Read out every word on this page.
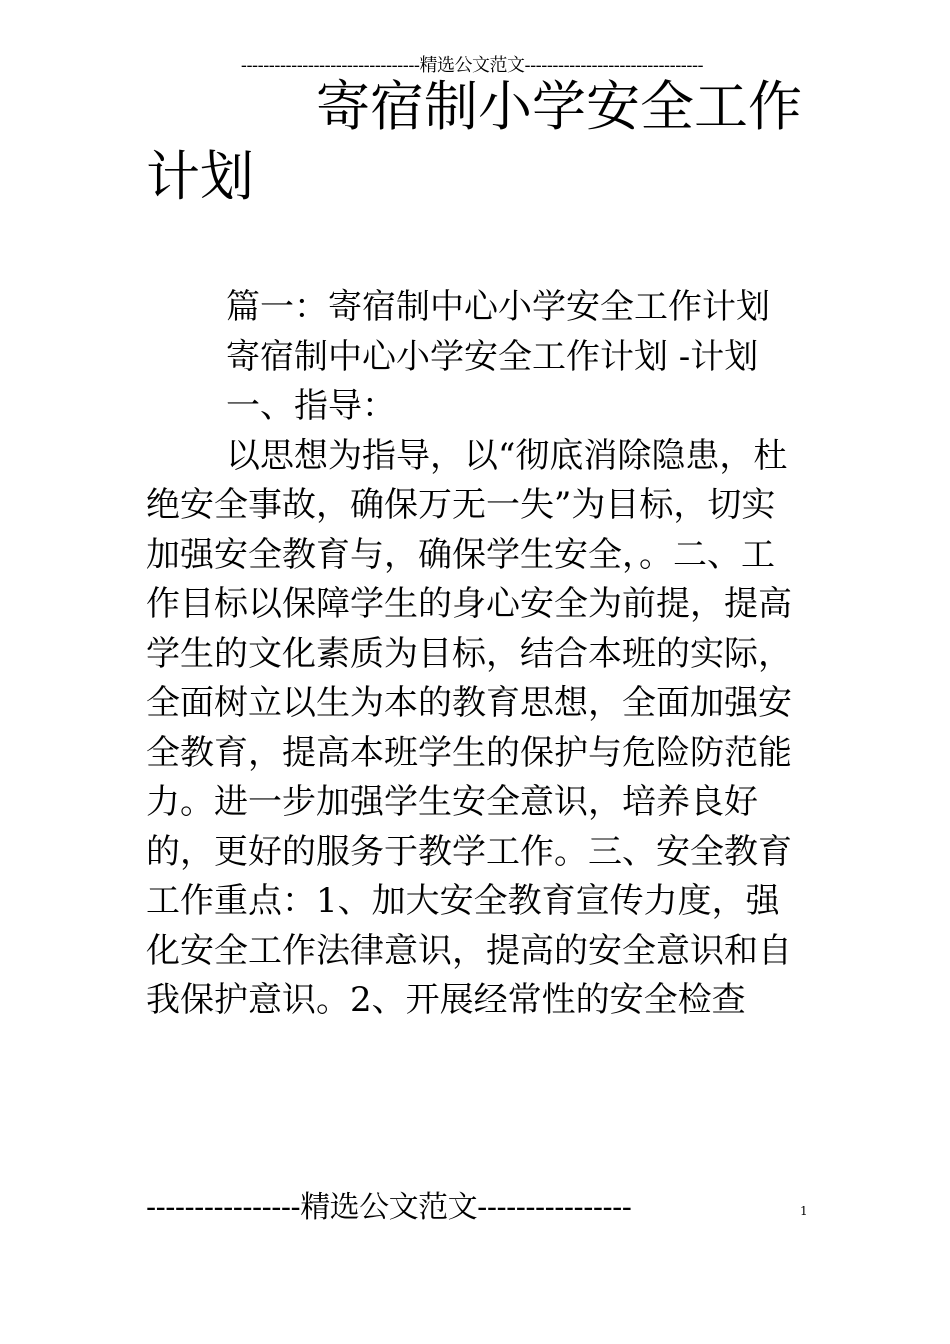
--------------------------------精选公文范文--------------------------------
寄宿制小学安全工作计划

篇一：寄宿制中心小学安全工作计划

寄宿制中心小学安全工作计划 -计划

一、指导：

以思想为指导，以“彻底消除隐患，杜绝安全事故，确保万无一失”为目标，切实加强安全教育与，确保学生安全，。二、工作目标以保障学生的身心安全为前提，提高学生的文化素质为目标，结合本班的实际，全面树立以生为本的教育思想，全面加强安全教育，提高本班学生的保护与危险防范能力。进一步加强学生安全意识，培养良好的，更好的服务于教学工作。三、安全教育工作重点：1、加大安全教育宣传力度，强化安全工作法律意识，提高的安全意识和自我保护意识。2、开展经常性的安全检查

----------------精选公文范文----------------	1
